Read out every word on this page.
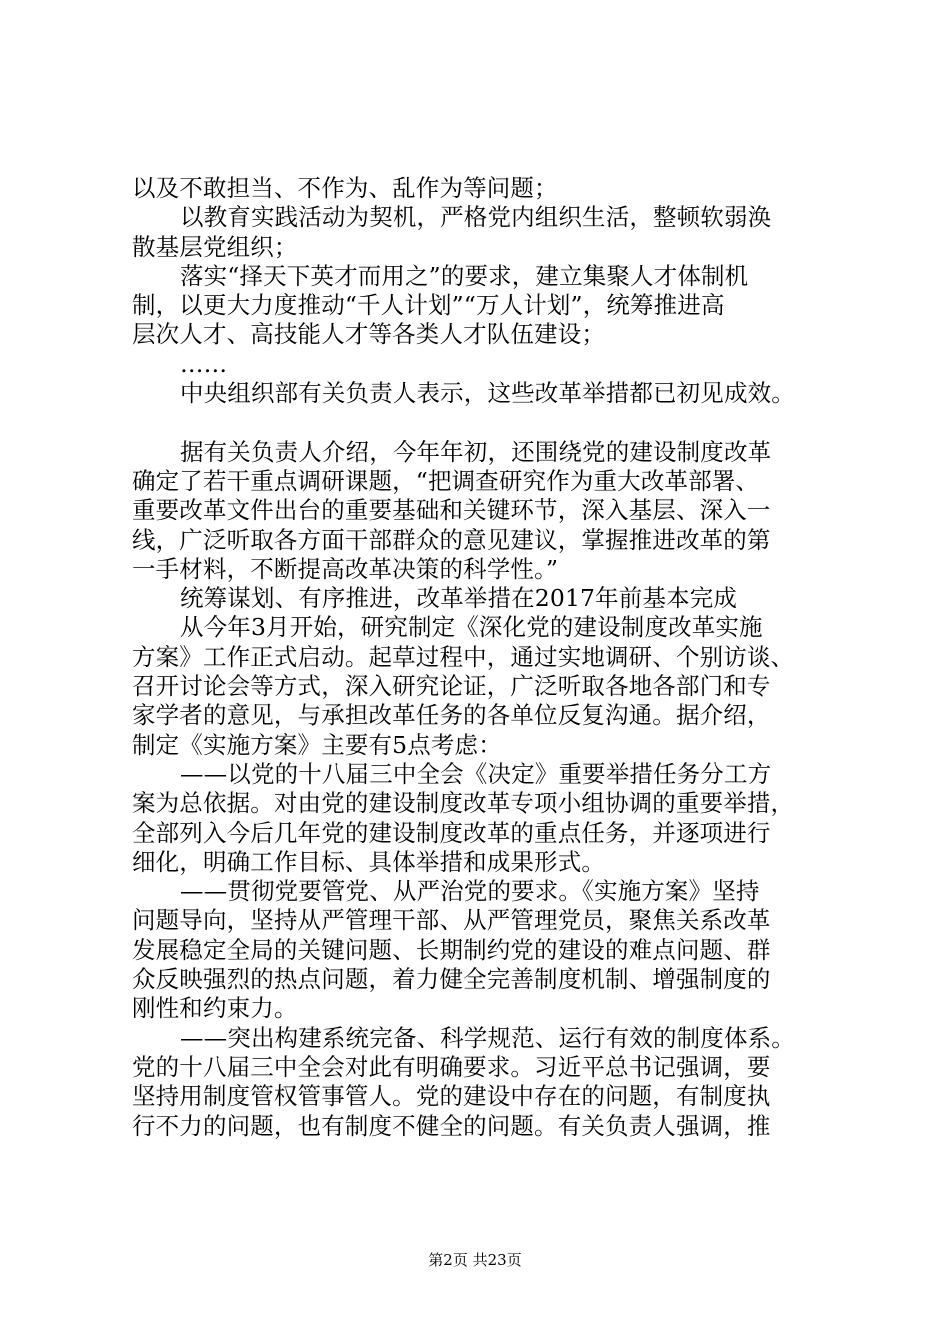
以及不敢担当、不作为、乱作为等问题；
以教育实践活动为契机，严格党内组织生活，整顿软弱涣
散基层党组织；
落实“择天下英才而用之”的要求，建立集聚人才体制机
制，以更大力度推动“千人计划”“万人计划”，统筹推进高
层次人才、高技能人才等各类人才队伍建设；
……
中央组织部有关负责人表示，这些改革举措都已初见成效。
据有关负责人介绍，今年年初，还围绕党的建设制度改革
确定了若干重点调研课题，“把调查研究作为重大改革部署、
重要改革文件出台的重要基础和关键环节，深入基层、深入一
线，广泛听取各方面干部群众的意见建议，掌握推进改革的第
一手材料，不断提高改革决策的科学性。”
统筹谋划、有序推进，改革举措在2017年前基本完成
从今年3月开始，研究制定《深化党的建设制度改革实施
方案》工作正式启动。起草过程中，通过实地调研、个别访谈、
召开讨论会等方式，深入研究论证，广泛听取各地各部门和专
家学者的意见，与承担改革任务的各单位反复沟通。据介绍，
制定《实施方案》主要有5点考虑：
——以党的十八届三中全会《决定》重要举措任务分工方
案为总依据。对由党的建设制度改革专项小组协调的重要举措，
全部列入今后几年党的建设制度改革的重点任务，并逐项进行
细化，明确工作目标、具体举措和成果形式。
——贯彻党要管党、从严治党的要求。《实施方案》坚持
问题导向，坚持从严管理干部、从严管理党员，聚焦关系改革
发展稳定全局的关键问题、长期制约党的建设的难点问题、群
众反映强烈的热点问题，着力健全完善制度机制、增强制度的
刚性和约束力。
——突出构建系统完备、科学规范、运行有效的制度体系。
党的十八届三中全会对此有明确要求。习近平总书记强调，要
坚持用制度管权管事管人。党的建设中存在的问题，有制度执
行不力的问题，也有制度不健全的问题。有关负责人强调，推
第2页 共23页
